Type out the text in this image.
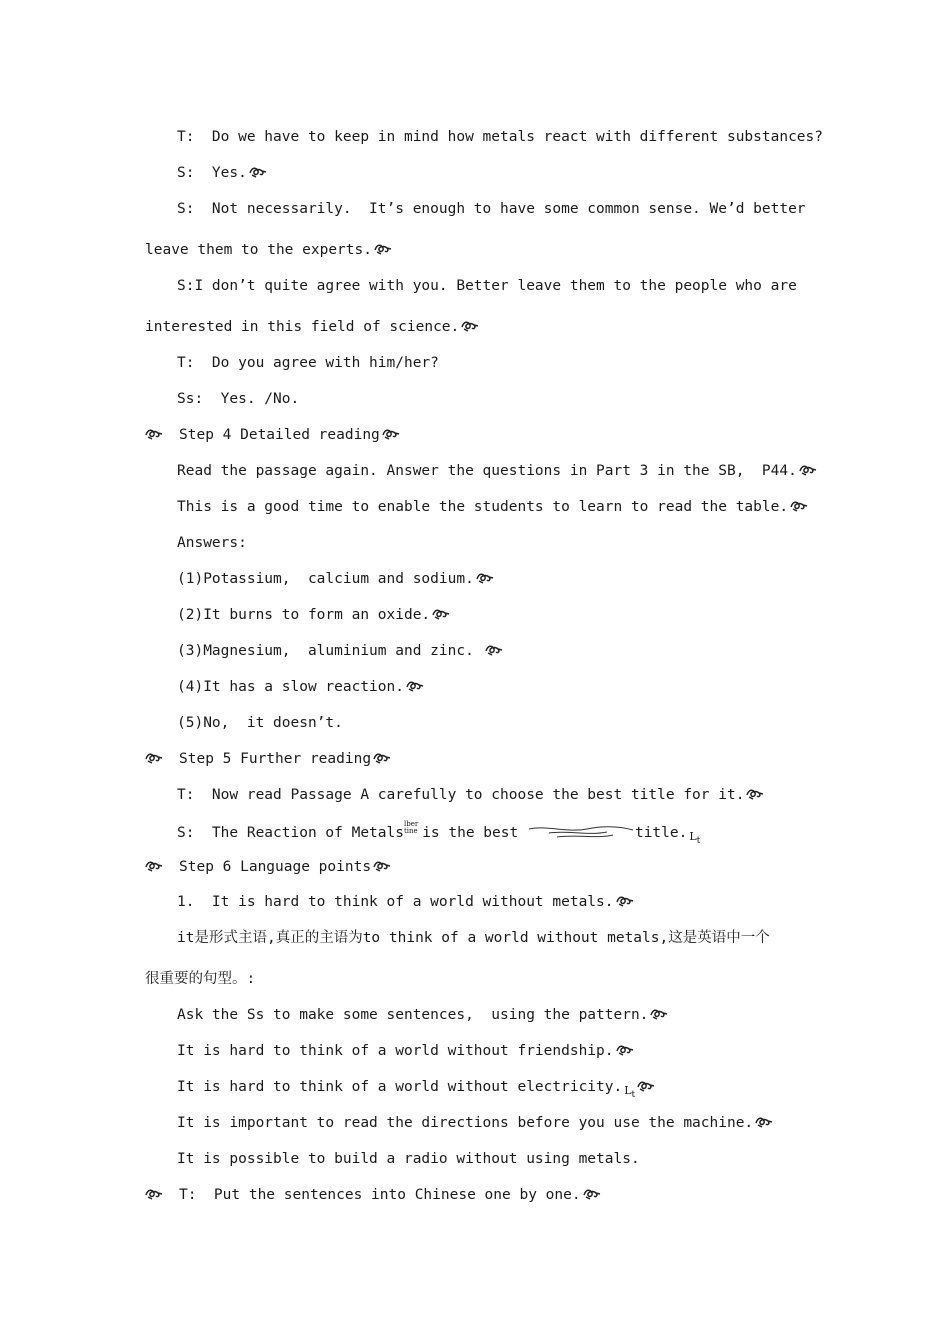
T:  Do we have to keep in mind how metals react with different substances?
S:  Yes.
S:  Not necessarily.  It’s enough to have some common sense. We’d better
leave them to the experts.
S:I don’t quite agree with you. Better leave them to the people who are
interested in this field of science.
T:  Do you agree with him/her?
Ss:  Yes. /No.
Step 4 Detailed reading
Read the passage again. Answer the questions in Part 3 in the SB,  P44.
This is a good time to enable the students to learn to read the table.
Answers:
(1)Potassium,  calcium and sodium.
(2)It burns to form an oxide.
(3)Magnesium,  aluminium and zinc.
(4)It has a slow reaction.
(5)No,  it doesn’t.
Step 5 Further reading
T:  Now read Passage A carefully to choose the best title for it.
S:  The Reaction of Metalslber
tine is the best	title. $_{L_t}$
Step 6 Language points
1.  It is hard to think of a world without metals.
it是形式主语,真正的主语为to think of a world without metals,这是英语中一个
很重要的句型。:
Ask the Ss to make some sentences,  using the pattern.
It is hard to think of a world without friendship.
It is hard to think of a world without electricity. $_{L_t}$
It is important to read the directions before you use the machine.
It is possible to build a radio without using metals.
T:  Put the sentences into Chinese one by one.
